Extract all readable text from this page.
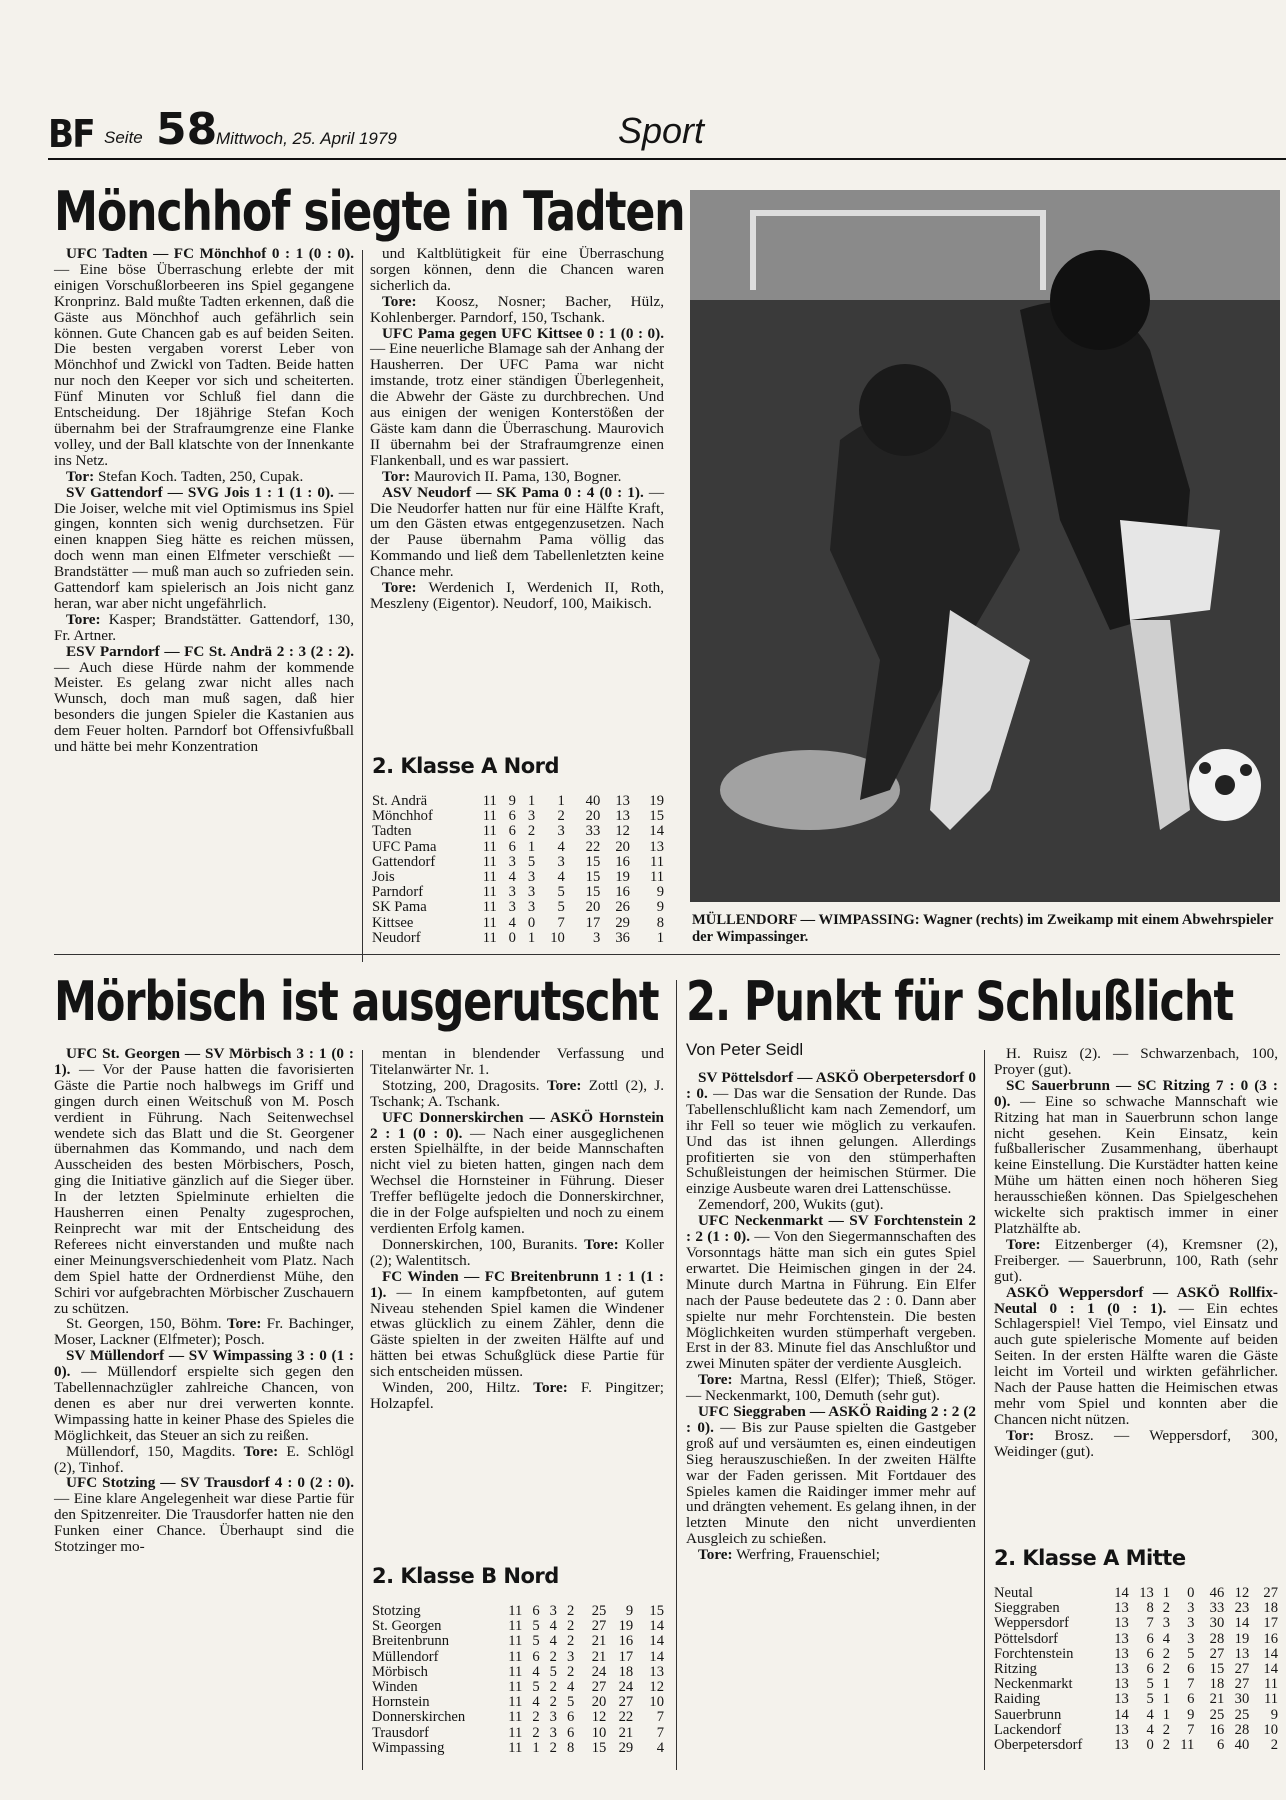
BF Seite 58
Mittwoch, 25. April 1979	Sport
Mönchhof siegte in Tadten

UFC Tadten — FC Mönchhof 0 : 1 (0 : 0). — Eine böse Überraschung erlebte der mit einigen Vorschußlorbeeren ins Spiel gegangene Kronprinz. Bald mußte Tadten erkennen, daß die Gäste aus Mönchhof auch gefährlich sein können. Gute Chancen gab es auf beiden Seiten. Die besten vergaben vorerst Leber von Mönchhof und Zwickl von Tadten. Beide hatten nur noch den Keeper vor sich und scheiterten. Fünf Minuten vor Schluß fiel dann die Entscheidung. Der 18jährige Stefan Koch übernahm bei der Strafraumgrenze eine Flanke volley, und der Ball klatschte von der Innenkante ins Netz.

Tor: Stefan Koch. Tadten, 250, Cupak.

SV Gattendorf — SVG Jois 1 : 1 (1 : 0). — Die Joiser, welche mit viel Optimismus ins Spiel gingen, konnten sich wenig durchsetzen. Für einen knappen Sieg hätte es reichen müssen, doch wenn man einen Elfmeter verschießt — Brandstätter — muß man auch so zufrieden sein. Gattendorf kam spielerisch an Jois nicht ganz heran, war aber nicht ungefährlich.

Tore: Kasper; Brandstätter. Gattendorf, 130, Fr. Artner.

ESV Parndorf — FC St. Andrä 2 : 3 (2 : 2). — Auch diese Hürde nahm der kommende Meister. Es gelang zwar nicht alles nach Wunsch, doch man muß sagen, daß hier besonders die jungen Spieler die Kastanien aus dem Feuer holten. Parndorf bot Offensivfußball und hätte bei mehr Konzentration

und Kaltblütigkeit für eine Überraschung sorgen können, denn die Chancen waren sicherlich da.

Tore: Koosz, Nosner; Bacher, Hülz, Kohlenberger. Parndorf, 150, Tschank.

UFC Pama gegen UFC Kittsee 0 : 1 (0 : 0). — Eine neuerliche Blamage sah der Anhang der Hausherren. Der UFC Pama war nicht imstande, trotz einer ständigen Überlegenheit, die Abwehr der Gäste zu durchbrechen. Und aus einigen der wenigen Konterstößen der Gäste kam dann die Überraschung. Maurovich II übernahm bei der Strafraumgrenze einen Flankenball, und es war passiert.

Tor: Maurovich II. Pama, 130, Bogner.

ASV Neudorf — SK Pama 0 : 4 (0 : 1). — Die Neudorfer hatten nur für eine Hälfte Kraft, um den Gästen etwas entgegenzusetzen. Nach der Pause übernahm Pama völlig das Kommando und ließ dem Tabellenletzten keine Chance mehr.

Tore: Werdenich I, Werdenich II, Roth, Meszleny (Eigentor). Neudorf, 100, Maikisch.

2. Klasse A Nord
St. Andrä	11	9	1	1	40	13	19
Mönchhof	11	6	3	2	20	13	15
Tadten	11	6	2	3	33	12	14
UFC Pama	11	6	1	4	22	20	13
Gattendorf	11	3	5	3	15	16	11
Jois	11	4	3	4	15	19	11
Parndorf	11	3	3	5	15	16	9
SK Pama	11	3	3	5	20	26	9
Kittsee	11	4	0	7	17	29	8
Neudorf	11	0	1	10	3	36	1
MÜLLENDORF — WIMPASSING: Wagner (rechts) im Zweikamp mit einem Abwehrspieler der Wimpassinger.
Mörbisch ist ausgerutscht

UFC St. Georgen — SV Mörbisch 3 : 1 (0 : 1). — Vor der Pause hatten die favorisierten Gäste die Partie noch halbwegs im Griff und gingen durch einen Weitschuß von M. Posch verdient in Führung. Nach Seitenwechsel wendete sich das Blatt und die St. Georgener übernahmen das Kommando, und nach dem Ausscheiden des besten Mörbischers, Posch, ging die Initiative gänzlich auf die Sieger über. In der letzten Spielminute erhielten die Hausherren einen Penalty zugesprochen, Reinprecht war mit der Entscheidung des Referees nicht einverstanden und mußte nach einer Meinungsverschiedenheit vom Platz. Nach dem Spiel hatte der Ordnerdienst Mühe, den Schiri vor aufgebrachten Mörbischer Zuschauern zu schützen.

St. Georgen, 150, Böhm. Tore: Fr. Bachinger, Moser, Lackner (Elfmeter); Posch.

SV Müllendorf — SV Wimpassing 3 : 0 (1 : 0). — Müllendorf erspielte sich gegen den Tabellennachzügler zahlreiche Chancen, von denen es aber nur drei verwerten konnte. Wimpassing hatte in keiner Phase des Spieles die Möglichkeit, das Steuer an sich zu reißen.

Müllendorf, 150, Magdits. Tore: E. Schlögl (2), Tinhof.

UFC Stotzing — SV Trausdorf 4 : 0 (2 : 0). — Eine klare Angelegenheit war diese Partie für den Spitzenreiter. Die Trausdorfer hatten nie den Funken einer Chance. Überhaupt sind die Stotzinger mo-

mentan in blendender Verfassung und Titelanwärter Nr. 1.

Stotzing, 200, Dragosits. Tore: Zottl (2), J. Tschank; A. Tschank.

UFC Donnerskirchen — ASKÖ Hornstein 2 : 1 (0 : 0). — Nach einer ausgeglichenen ersten Spielhälfte, in der beide Mannschaften nicht viel zu bieten hatten, gingen nach dem Wechsel die Hornsteiner in Führung. Dieser Treffer beflügelte jedoch die Donnerskirchner, die in der Folge aufspielten und noch zu einem verdienten Erfolg kamen.

Donnerskirchen, 100, Buranits. Tore: Koller (2); Walentitsch.

FC Winden — FC Breitenbrunn 1 : 1 (1 : 1). — In einem kampfbetonten, auf gutem Niveau stehenden Spiel kamen die Windener etwas glücklich zu einem Zähler, denn die Gäste spielten in der zweiten Hälfte auf und hätten bei etwas Schußglück diese Partie für sich entscheiden müssen.

Winden, 200, Hiltz. Tore: F. Pingitzer; Holzapfel.

2. Klasse B Nord
Stotzing	11	6	3	2	25	9	15
St. Georgen	11	5	4	2	27	19	14
Breitenbrunn	11	5	4	2	21	16	14
Müllendorf	11	6	2	3	21	17	14
Mörbisch	11	4	5	2	24	18	13
Winden	11	5	2	4	27	24	12
Hornstein	11	4	2	5	20	27	10
Donnerskirchen	11	2	3	6	12	22	7
Trausdorf	11	2	3	6	10	21	7
Wimpassing	11	1	2	8	15	29	4
2. Punkt für Schlußlicht
Von Peter Seidl

SV Pöttelsdorf — ASKÖ Oberpetersdorf 0 : 0. — Das war die Sensation der Runde. Das Tabellenschlußlicht kam nach Zemendorf, um ihr Fell so teuer wie möglich zu verkaufen. Und das ist ihnen gelungen. Allerdings profitierten sie von den stümperhaften Schußleistungen der heimischen Stürmer. Die einzige Ausbeute waren drei Lattenschüsse.

Zemendorf, 200, Wukits (gut).

UFC Neckenmarkt — SV Forchtenstein 2 : 2 (1 : 0). — Von den Siegermannschaften des Vorsonntags hätte man sich ein gutes Spiel erwartet. Die Heimischen gingen in der 24. Minute durch Martna in Führung. Ein Elfer nach der Pause bedeutete das 2 : 0. Dann aber spielte nur mehr Forchtenstein. Die besten Möglichkeiten wurden stümperhaft vergeben. Erst in der 83. Minute fiel das Anschlußtor und zwei Minuten später der verdiente Ausgleich.

Tore: Martna, Ressl (Elfer); Thieß, Stöger. — Neckenmarkt, 100, Demuth (sehr gut).

UFC Sieggraben — ASKÖ Raiding 2 : 2 (2 : 0). — Bis zur Pause spielten die Gastgeber groß auf und versäumten es, einen eindeutigen Sieg herauszuschießen. In der zweiten Hälfte war der Faden gerissen. Mit Fortdauer des Spieles kamen die Raidinger immer mehr auf und drängten vehement. Es gelang ihnen, in der letzten Minute den nicht unverdienten Ausgleich zu schießen.

Tore: Werfring, Frauenschiel;

H. Ruisz (2). — Schwarzenbach, 100, Proyer (gut).

SC Sauerbrunn — SC Ritzing 7 : 0 (3 : 0). — Eine so schwache Mannschaft wie Ritzing hat man in Sauerbrunn schon lange nicht gesehen. Kein Einsatz, kein fußballerischer Zusammenhang, überhaupt keine Einstellung. Die Kurstädter hatten keine Mühe um hätten einen noch höheren Sieg herausschießen können. Das Spielgeschehen wickelte sich praktisch immer in einer Platzhälfte ab.

Tore: Eitzenberger (4), Kremsner (2), Freiberger. — Sauerbrunn, 100, Rath (sehr gut).

ASKÖ Weppersdorf — ASKÖ Rollfix-Neutal 0 : 1 (0 : 1). — Ein echtes Schlagerspiel! Viel Tempo, viel Einsatz und auch gute spielerische Momente auf beiden Seiten. In der ersten Hälfte waren die Gäste leicht im Vorteil und wirkten gefährlicher. Nach der Pause hatten die Heimischen etwas mehr vom Spiel und konnten aber die Chancen nicht nützen.

Tor: Brosz. — Weppersdorf, 300, Weidinger (gut).

2. Klasse A Mitte
Neutal	14	13	1	0	46	12	27
Sieggraben	13	8	2	3	33	23	18
Weppersdorf	13	7	3	3	30	14	17
Pöttelsdorf	13	6	4	3	28	19	16
Forchtenstein	13	6	2	5	27	13	14
Ritzing	13	6	2	6	15	27	14
Neckenmarkt	13	5	1	7	18	27	11
Raiding	13	5	1	6	21	30	11
Sauerbrunn	14	4	1	9	25	25	9
Lackendorf	13	4	2	7	16	28	10
Oberpetersdorf	13	0	2	11	6	40	2
